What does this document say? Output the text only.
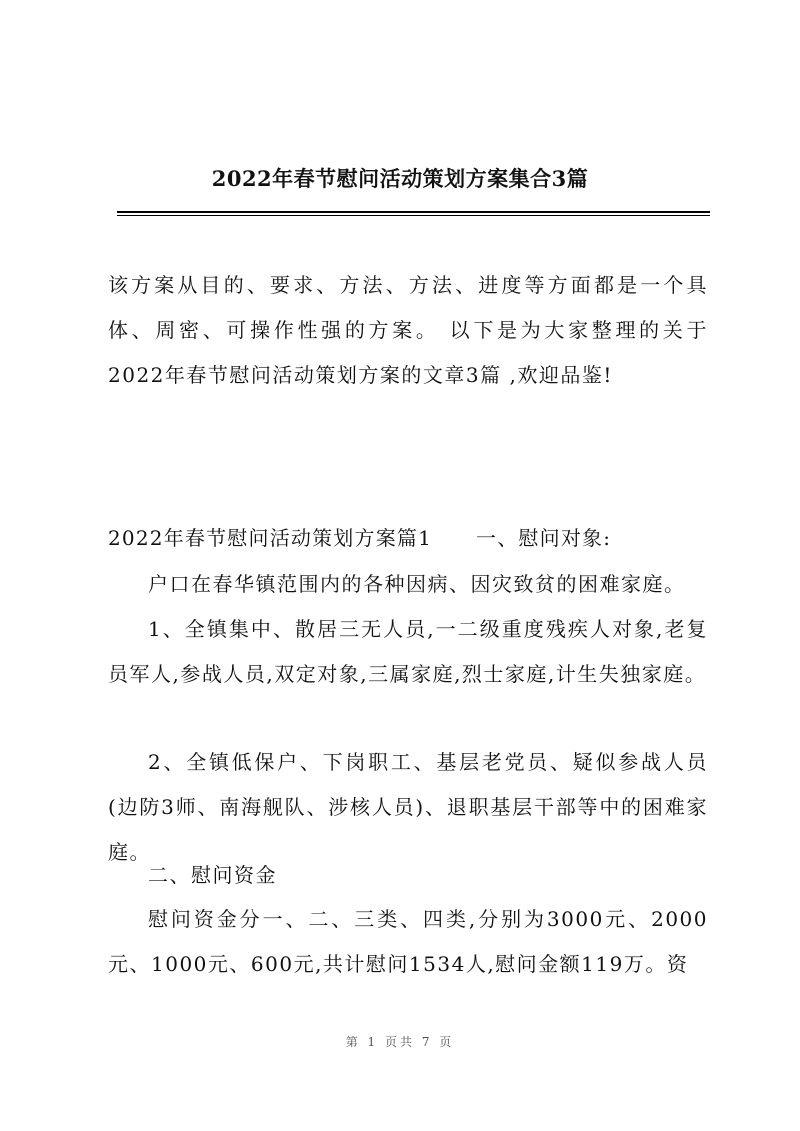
2022年春节慰问活动策划方案集合3篇

该方案从目的、要求、方法、方法、进度等方面都是一个具体、周密、可操作性强的方案。 以下是为大家整理的关于2022年春节慰问活动策划方案的文章3篇 ,欢迎品鉴!

2022年春节慰问活动策划方案篇1 一、慰问对象:

户口在春华镇范围内的各种因病、因灾致贫的困难家庭。

1、全镇集中、散居三无人员,一二级重度残疾人对象,老复员军人,参战人员,双定对象,三属家庭,烈士家庭,计生失独家庭。

2、全镇低保户、下岗职工、基层老党员、疑似参战人员(边防3师、南海舰队、涉核人员)、退职基层干部等中的困难家庭。

二、慰问资金

慰问资金分一、二、三类、四类,分别为3000元、2000元、1000元、600元,共计慰问1534人,慰问金额119万。资

第 1 页共 7 页
